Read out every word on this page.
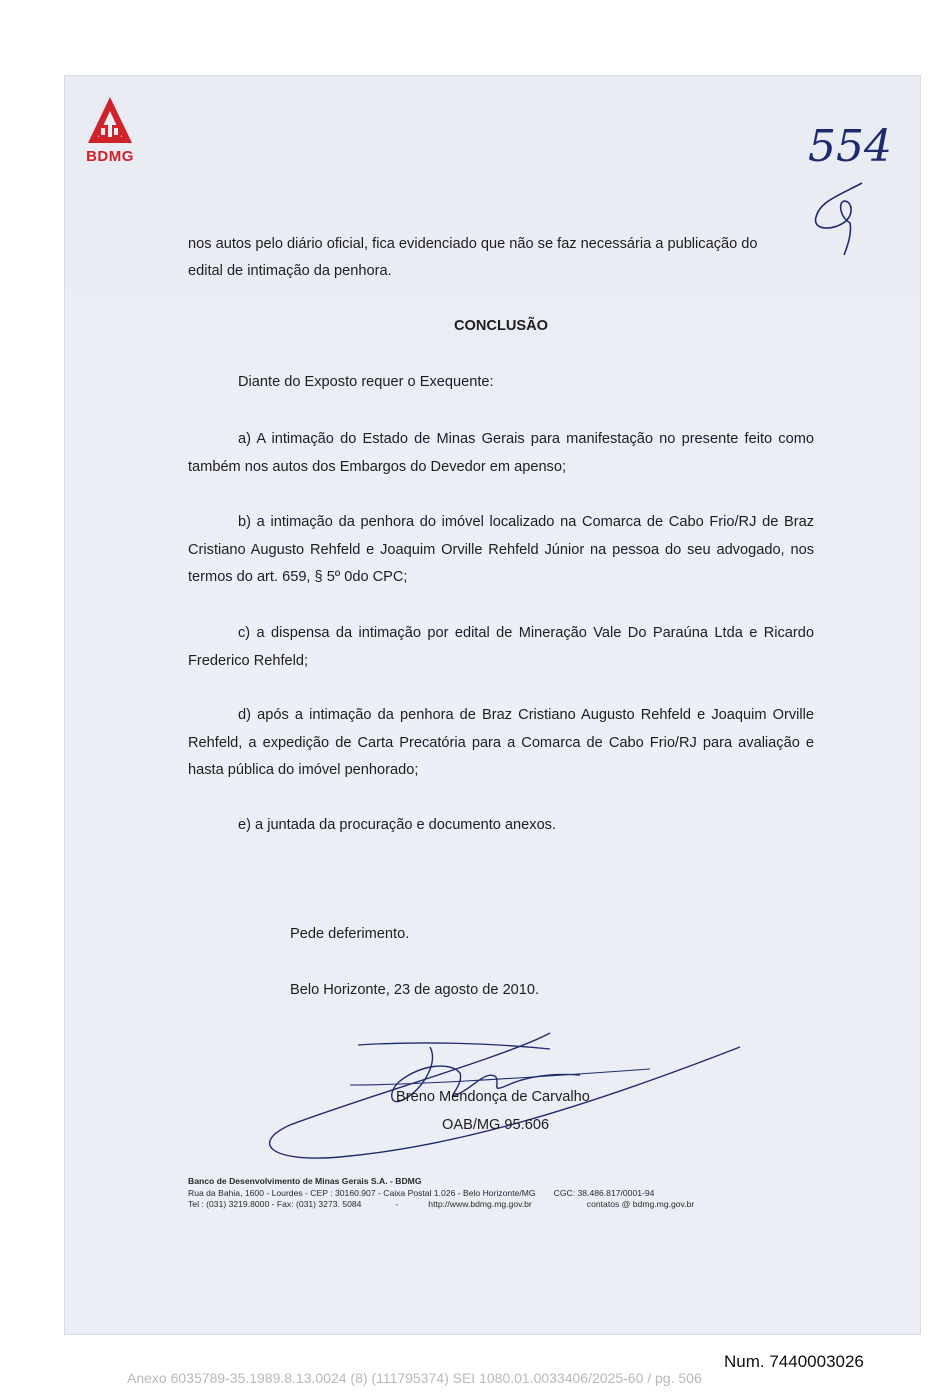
BDMG	554
nos autos pelo diário oficial, fica evidenciado que não se faz necessária a publicação do
edital de intimação da penhora.
CONCLUSÃO
Diante do Exposto requer o Exequente:
a) A intimação do Estado de Minas Gerais para manifestação no presente feito como também nos autos dos Embargos do Devedor em apenso;
b) a intimação da penhora do imóvel localizado na Comarca de Cabo Frio/RJ de Braz Cristiano Augusto Rehfeld e Joaquim Orville Rehfeld Júnior na pessoa do seu advogado, nos termos do art. 659, § 5º 0do CPC;
c) a dispensa da intimação por edital de Mineração Vale Do Paraúna Ltda e Ricardo Frederico Rehfeld;
d) após a intimação da penhora de Braz Cristiano Augusto Rehfeld e Joaquim Orville Rehfeld, a expedição de Carta Precatória para a Comarca de Cabo Frio/RJ para avaliação e hasta pública do imóvel penhorado;
e) a juntada da procuração e documento anexos.
Pede deferimento.
Belo Horizonte, 23 de agosto de 2010.
Breno Mendonça de Carvalho
OAB/MG 95.606
Banco de Desenvolvimento de Minas Gerais S.A. - BDMG
Rua da Bahia, 1600 - Lourdes - CEP : 30160.907 - Caixa Postal 1.026 - Belo Horizonte/MG CGC: 38.486.817/0001-94
Tel : (031) 3219.8000 - Fax: (031) 3273. 5084	-	http://www.bdmg.mg.gov.br	contatos @ bdmg.mg.gov.br
Num. 7440003026
Anexo 6035789-35.1989.8.13.0024 (8) (111795374) SEI 1080.01.0033406/2025-60 / pg. 506
